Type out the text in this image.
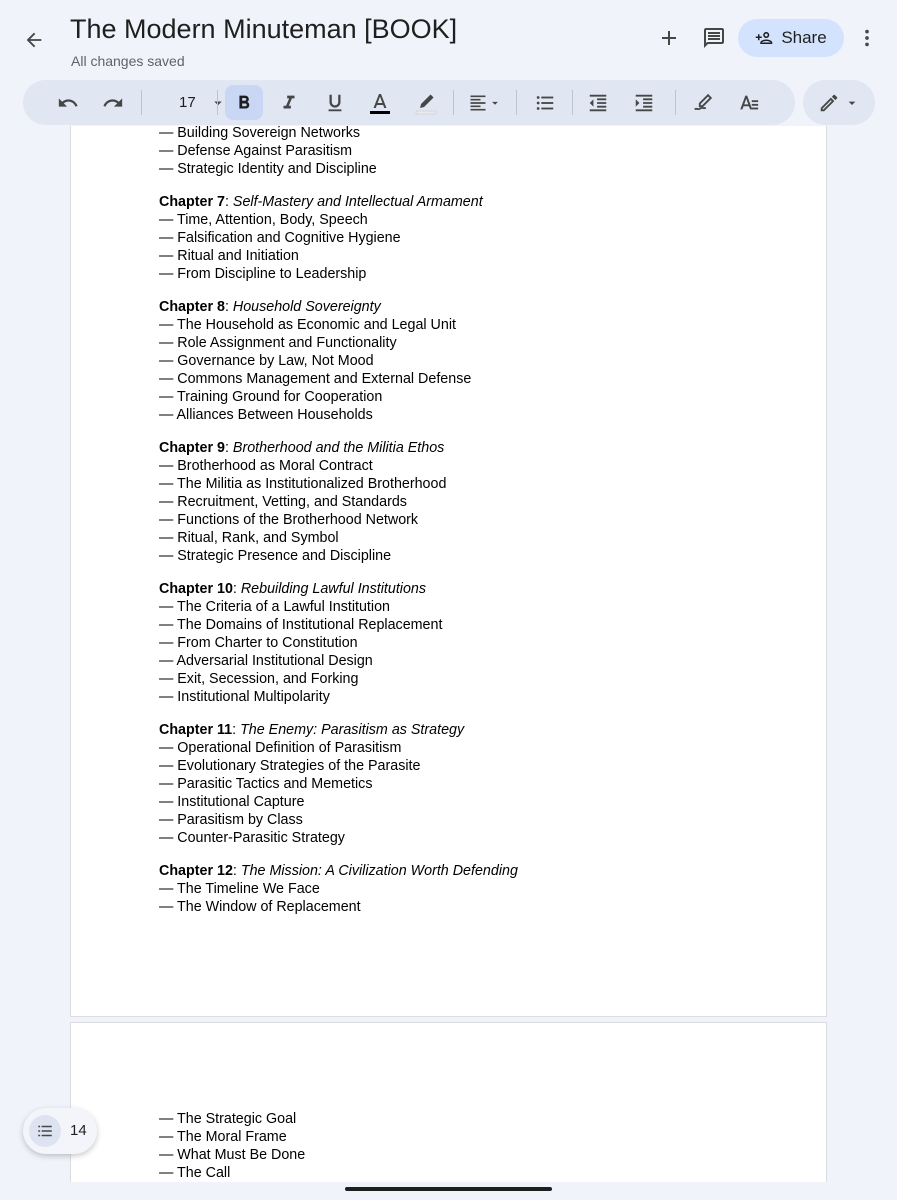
The Modern Minuteman [BOOK]
All changes saved
Share
17
— Building Sovereign Networks
— Defense Against Parasitism
— Strategic Identity and Discipline
Chapter 7: Self-Mastery and Intellectual Armament
— Time, Attention, Body, Speech
— Falsification and Cognitive Hygiene
— Ritual and Initiation
— From Discipline to Leadership
Chapter 8: Household Sovereignty
— The Household as Economic and Legal Unit
— Role Assignment and Functionality
— Governance by Law, Not Mood
— Commons Management and External Defense
— Training Ground for Cooperation
— Alliances Between Households
Chapter 9: Brotherhood and the Militia Ethos
— Brotherhood as Moral Contract
— The Militia as Institutionalized Brotherhood
— Recruitment, Vetting, and Standards
— Functions of the Brotherhood Network
— Ritual, Rank, and Symbol
— Strategic Presence and Discipline
Chapter 10: Rebuilding Lawful Institutions
— The Criteria of a Lawful Institution
— The Domains of Institutional Replacement
— From Charter to Constitution
— Adversarial Institutional Design
— Exit, Secession, and Forking
— Institutional Multipolarity
Chapter 11: The Enemy: Parasitism as Strategy
— Operational Definition of Parasitism
— Evolutionary Strategies of the Parasite
— Parasitic Tactics and Memetics
— Institutional Capture
— Parasitism by Class
— Counter-Parasitic Strategy
Chapter 12: The Mission: A Civilization Worth Defending
— The Timeline We Face
— The Window of Replacement
— The Strategic Goal
— The Moral Frame
— What Must Be Done
— The Call
14
